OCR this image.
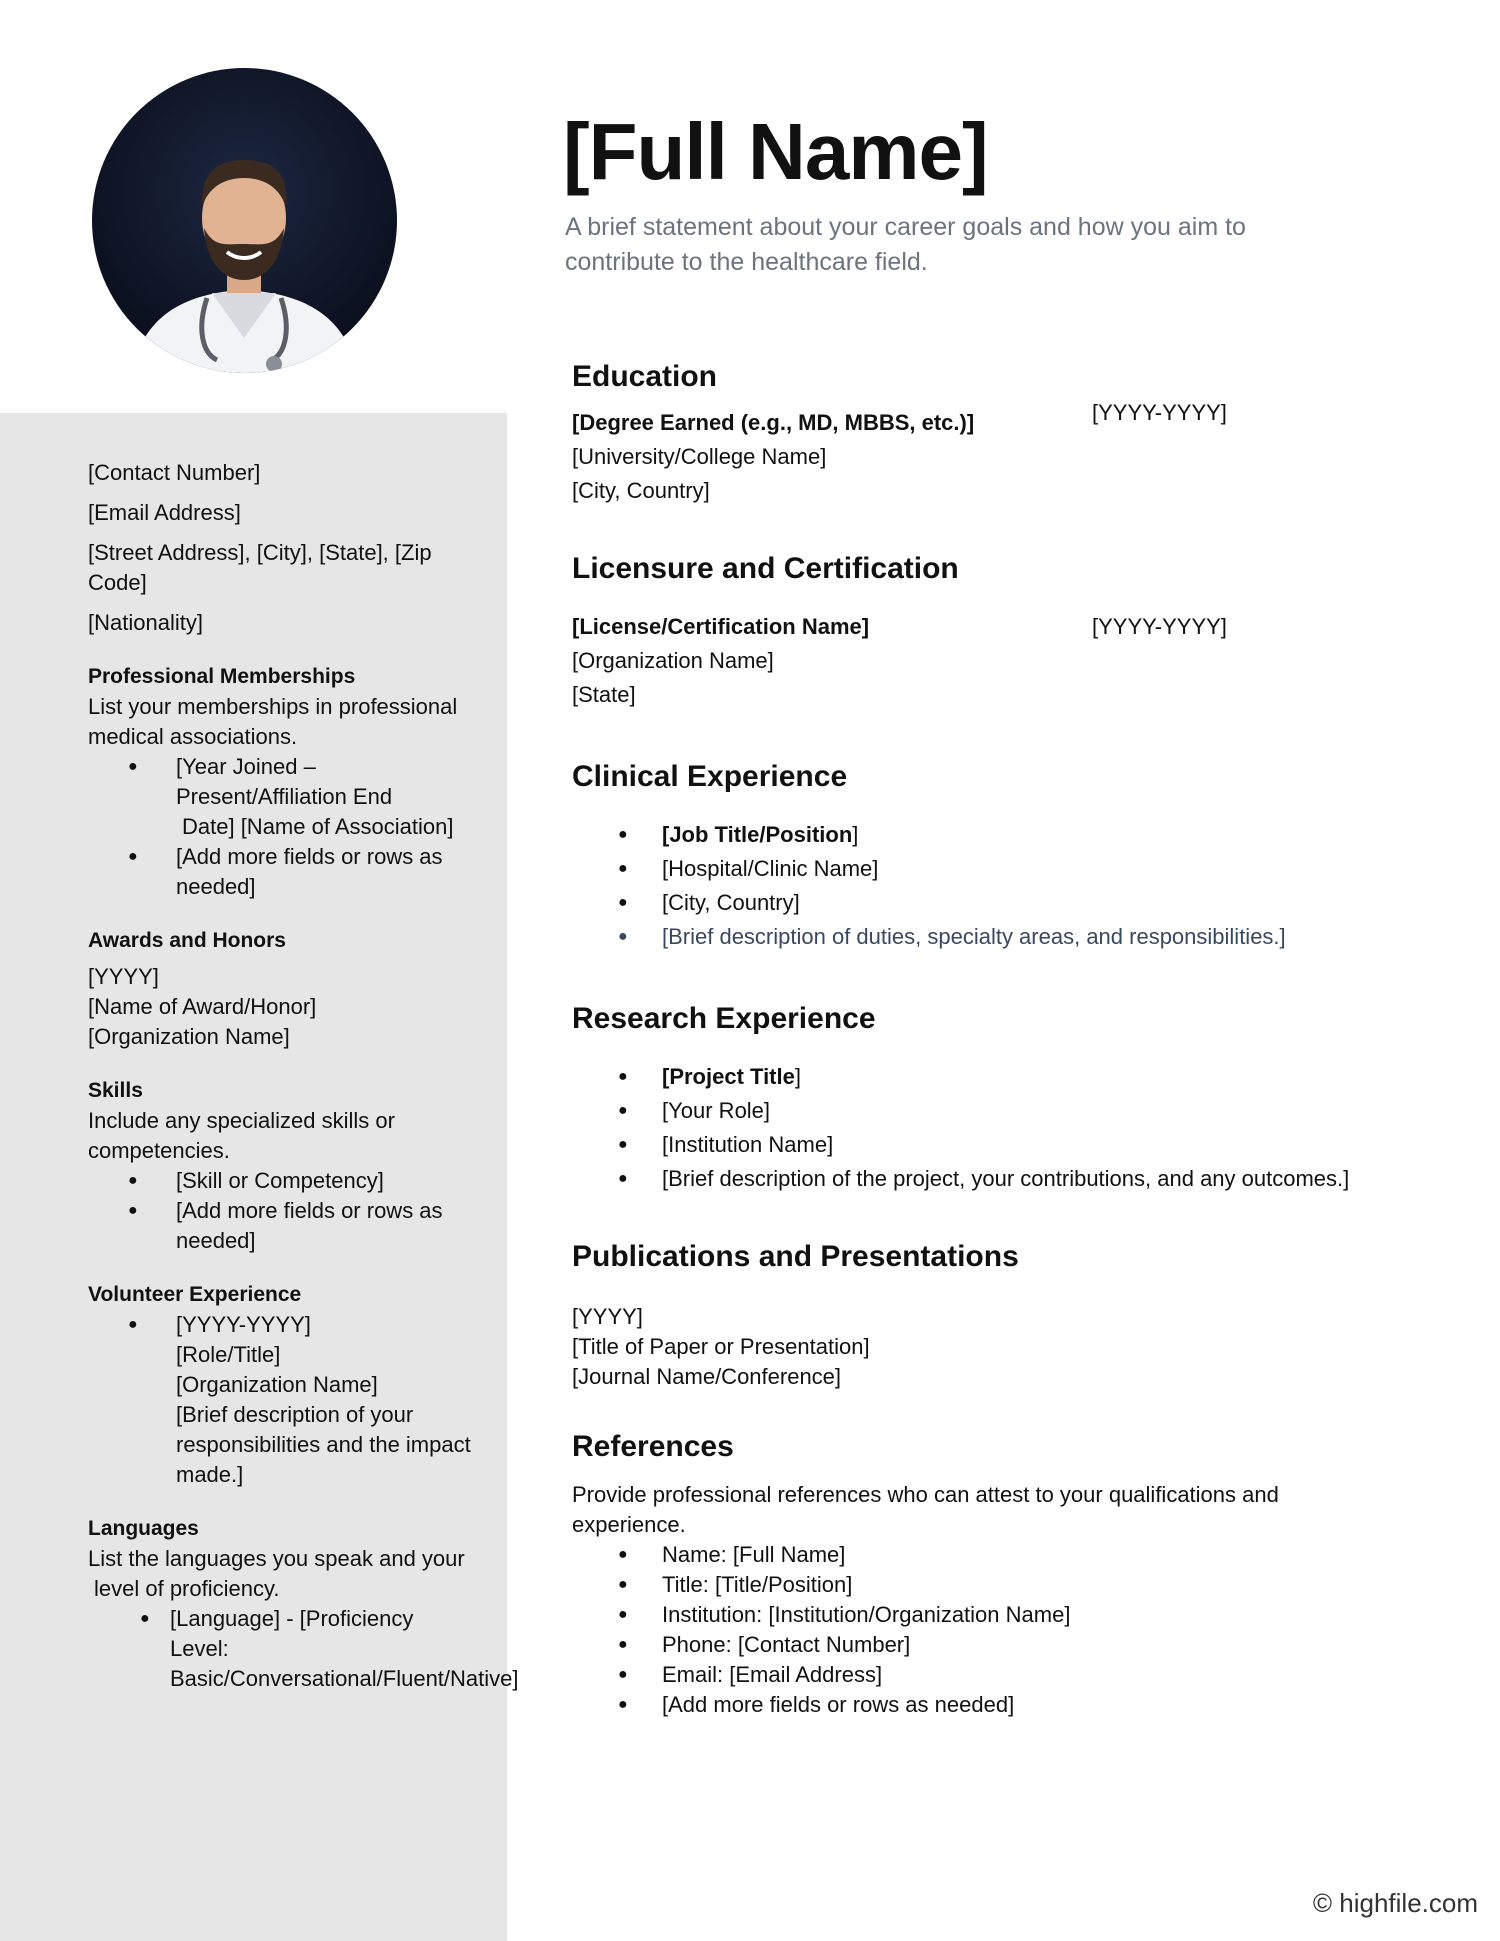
[Full Name]
A brief statement about your career goals and how you aim to contribute to the healthcare field.

[Contact Number]

[Email Address]

[Street Address], [City], [State], [Zip Code]

[Nationality]

Professional Memberships
List your memberships in professional medical associations.
● [Year Joined – Present/Affiliation End
Date] [Name of Association]
● [Add more fields or rows as needed]
Awards and Honors
[YYYY]
[Name of Award/Honor]
[Organization Name]
Skills
Include any specialized skills or competencies.
● [Skill or Competency]
● [Add more fields or rows as needed]
Volunteer Experience
● [YYYY-YYYY]
[Role/Title]
[Organization Name]
[Brief description of your responsibilities and the impact made.]
Languages
List the languages you speak and your
level of proficiency.
● [Language] - [Proficiency Level: Basic/Conversational/Fluent/Native]
Education
[YYYY-YYYY]
[Degree Earned (e.g., MD, MBBS, etc.)]
[University/College Name]
[City, Country]
Licensure and Certification
[YYYY-YYYY]
[License/Certification Name]
[Organization Name]
[State]
Clinical Experience
● [Job Title/Position]
● [Hospital/Clinic Name]
● [City, Country]
● [Brief description of duties, specialty areas, and responsibilities.]
Research Experience
● [Project Title]
● [Your Role]
● [Institution Name]
● [Brief description of the project, your contributions, and any outcomes.]
Publications and Presentations
[YYYY]
[Title of Paper or Presentation]
[Journal Name/Conference]
References
Provide professional references who can attest to your qualifications and experience.
● Name: [Full Name]
● Title: [Title/Position]
● Institution: [Institution/Organization Name]
● Phone: [Contact Number]
● Email: [Email Address]
● [Add more fields or rows as needed]
© highfile.com
